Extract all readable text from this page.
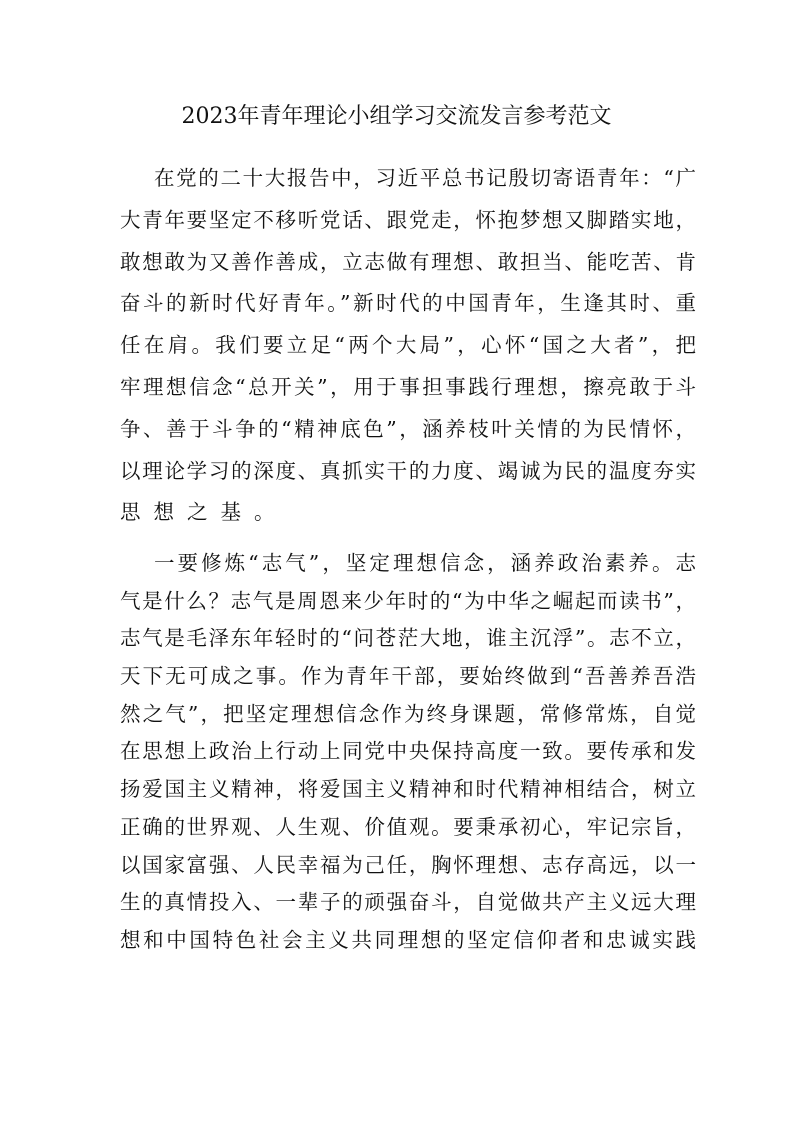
2023年青年理论小组学习交流发言参考范文
在党的二十大报告中，习近平总书记殷切寄语青年：“广
大青年要坚定不移听党话、跟党走，怀抱梦想又脚踏实地，
敢想敢为又善作善成，立志做有理想、敢担当、能吃苦、肯
奋斗的新时代好青年。”新时代的中国青年，生逢其时、重
任在肩。我们要立足“两个大局”，心怀“国之大者”，把
牢理想信念“总开关”，用于事担事践行理想，擦亮敢于斗
争、善于斗争的“精神底色”，涵养枝叶关情的为民情怀，
以理论学习的深度、真抓实干的力度、竭诚为民的温度夯实
思想之基。
一要修炼“志气”，坚定理想信念，涵养政治素养。志
气是什么？志气是周恩来少年时的“为中华之崛起而读书”，
志气是毛泽东年轻时的“问苍茫大地，谁主沉浮”。志不立，
天下无可成之事。作为青年干部，要始终做到“吾善养吾浩
然之气”，把坚定理想信念作为终身课题，常修常炼，自觉
在思想上政治上行动上同党中央保持高度一致。要传承和发
扬爱国主义精神，将爱国主义精神和时代精神相结合，树立
正确的世界观、人生观、价值观。要秉承初心，牢记宗旨，
以国家富强、人民幸福为己任，胸怀理想、志存高远，以一
生的真情投入、一辈子的顽强奋斗，自觉做共产主义远大理
想和中国特色社会主义共同理想的坚定信仰者和忠诚实践
